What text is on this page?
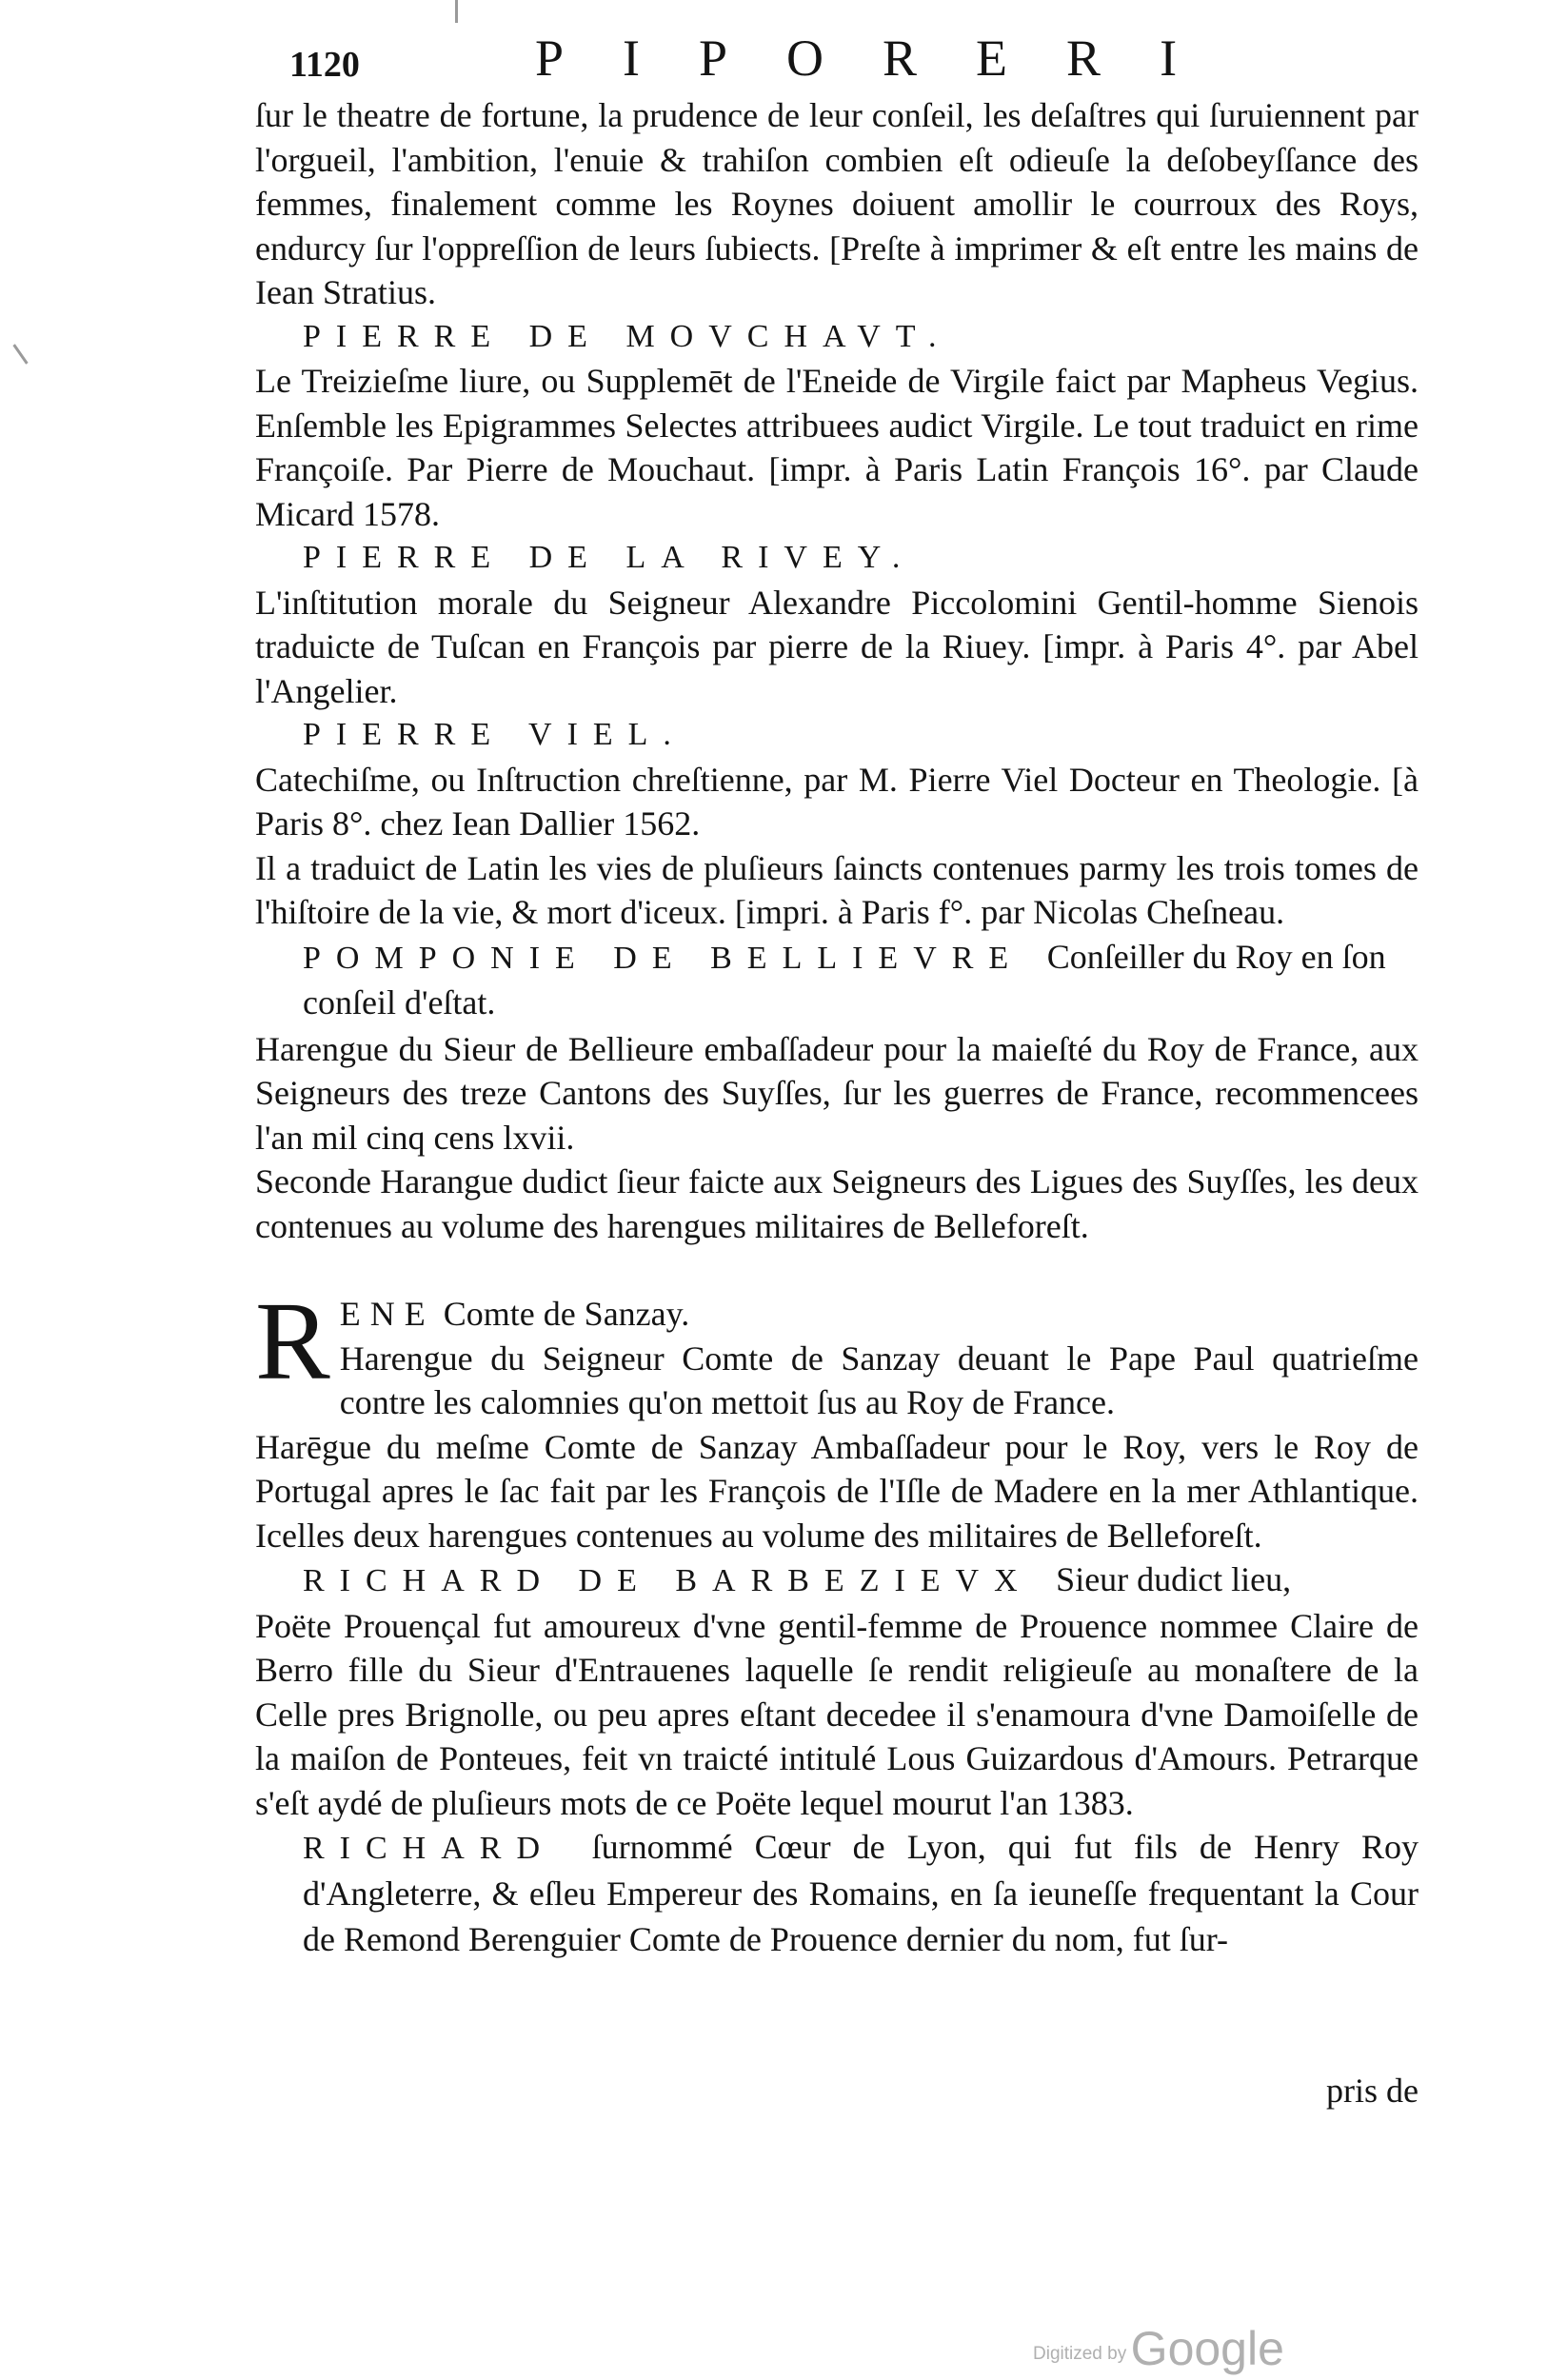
1120	PIPORERI

ſur le theatre de fortune, la prudence de leur conſeil, les deſaſtres qui ſuruiennent par l'orgueil, l'ambition, l'enuie & trahiſon combien eſt odieuſe la deſobeyſſance des femmes, finalement comme les Roynes doiuent amollir le courroux des Roys, endurcy ſur l'oppreſſion de leurs ſubiects. [Preſte à imprimer & eſt entre les mains de Iean Stratius.

PIERRE DE MOVCHAVT.

Le Treizieſme liure, ou Supplemēt de l'Eneide de Virgile faict par Mapheus Vegius. Enſemble les Epigrammes Selectes attribuees audict Virgile. Le tout traduict en rime Françoiſe. Par Pierre de Mouchaut. [impr. à Paris Latin François 16°. par Claude Micard 1578.

PIERRE DE LA RIVEY.

L'inſtitution morale du Seigneur Alexandre Piccolomini Gentil-homme Sienois traduicte de Tuſcan en François par pierre de la Riuey. [impr. à Paris 4°. par Abel l'Angelier.

PIERRE VIEL.

Catechiſme, ou Inſtruction chreſtienne, par M. Pierre Viel Docteur en Theologie. [à Paris 8°. chez Iean Dallier 1562.

Il a traduict de Latin les vies de pluſieurs ſaincts contenues parmy les trois tomes de l'hiſtoire de la vie, & mort d'iceux. [impri. à Paris f°. par Nicolas Cheſneau.

POMPONIE DE BELLIEVRE Conſeiller du Roy en ſon conſeil d'eſtat.

Harengue du Sieur de Bellieure embaſſadeur pour la maieſté du Roy de France, aux Seigneurs des treze Cantons des Suyſſes, ſur les guerres de France, recommencees l'an mil cinq cens lxvii.

Seconde Harangue dudict ſieur faicte aux Seigneurs des Ligues des Suyſſes, les deux contenues au volume des harengues militaires de Belleforeſt.

R ENE Comte de Sanzay.

Harengue du Seigneur Comte de Sanzay deuant le Pape Paul quatrieſme contre les calomnies qu'on mettoit ſus au Roy de France.

Harēgue du meſme Comte de Sanzay Ambaſſadeur pour le Roy, vers le Roy de Portugal apres le ſac fait par les François de l'Iſle de Madere en la mer Athlantique. Icelles deux harengues contenues au volume des militaires de Belleforeſt.

RICHARD DE BARBEZIEVX Sieur dudict lieu,

Poëte Prouençal fut amoureux d'vne gentil-femme de Prouence nommee Claire de Berro fille du Sieur d'Entrauenes laquelle ſe rendit religieuſe au monaſtere de la Celle pres Brignolle, ou peu apres eſtant decedee il s'enamoura d'vne Damoiſelle de la maiſon de Ponteues, feit vn traicté intitulé Lous Guizardous d'Amours. Petrarque s'eſt aydé de pluſieurs mots de ce Poëte lequel mourut l'an 1383.

RICHARD ſurnommé Cœur de Lyon, qui fut fils de Henry Roy d'Angleterre, & eſleu Empereur des Romains, en ſa ieuneſſe frequentant la Cour de Remond Berenguier Comte de Prouence dernier du nom, fut ſur-

pris de
Digitized by Google
